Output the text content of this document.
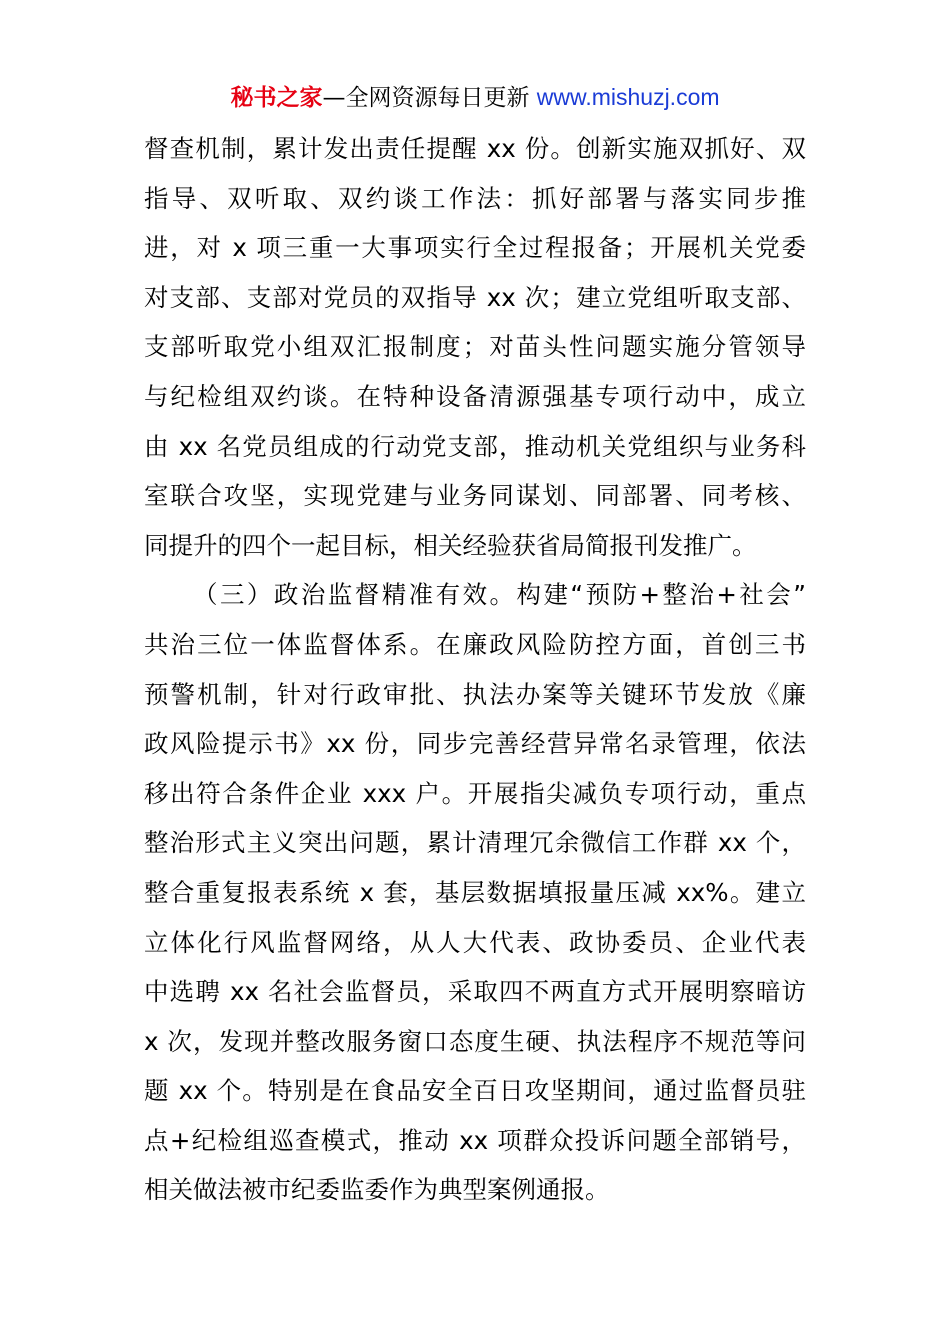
秘书之家—全网资源每日更新 www.mishuzj.com
督查机制，累计发出责任提醒 xx 份。创新实施双抓好、双
指导、双听取、双约谈工作法：抓好部署与落实同步推
进，对 x 项三重一大事项实行全过程报备；开展机关党委
对支部、支部对党员的双指导 xx 次；建立党组听取支部、
支部听取党小组双汇报制度；对苗头性问题实施分管领导
与纪检组双约谈。在特种设备清源强基专项行动中，成立
由 xx 名党员组成的行动党支部，推动机关党组织与业务科
室联合攻坚，实现党建与业务同谋划、同部署、同考核、
同提升的四个一起目标，相关经验获省局简报刊发推广。
（三）政治监督精准有效。构建“预防+整治+社会”
共治三位一体监督体系。在廉政风险防控方面，首创三书
预警机制，针对行政审批、执法办案等关键环节发放《廉
政风险提示书》xx 份，同步完善经营异常名录管理，依法
移出符合条件企业 xxx 户。开展指尖减负专项行动，重点
整治形式主义突出问题，累计清理冗余微信工作群 xx 个，
整合重复报表系统 x 套，基层数据填报量压减 xx%。建立
立体化行风监督网络，从人大代表、政协委员、企业代表
中选聘 xx 名社会监督员，采取四不两直方式开展明察暗访
x 次，发现并整改服务窗口态度生硬、执法程序不规范等问
题 xx 个。特别是在食品安全百日攻坚期间，通过监督员驻
点+纪检组巡查模式，推动 xx 项群众投诉问题全部销号，
相关做法被市纪委监委作为典型案例通报。
